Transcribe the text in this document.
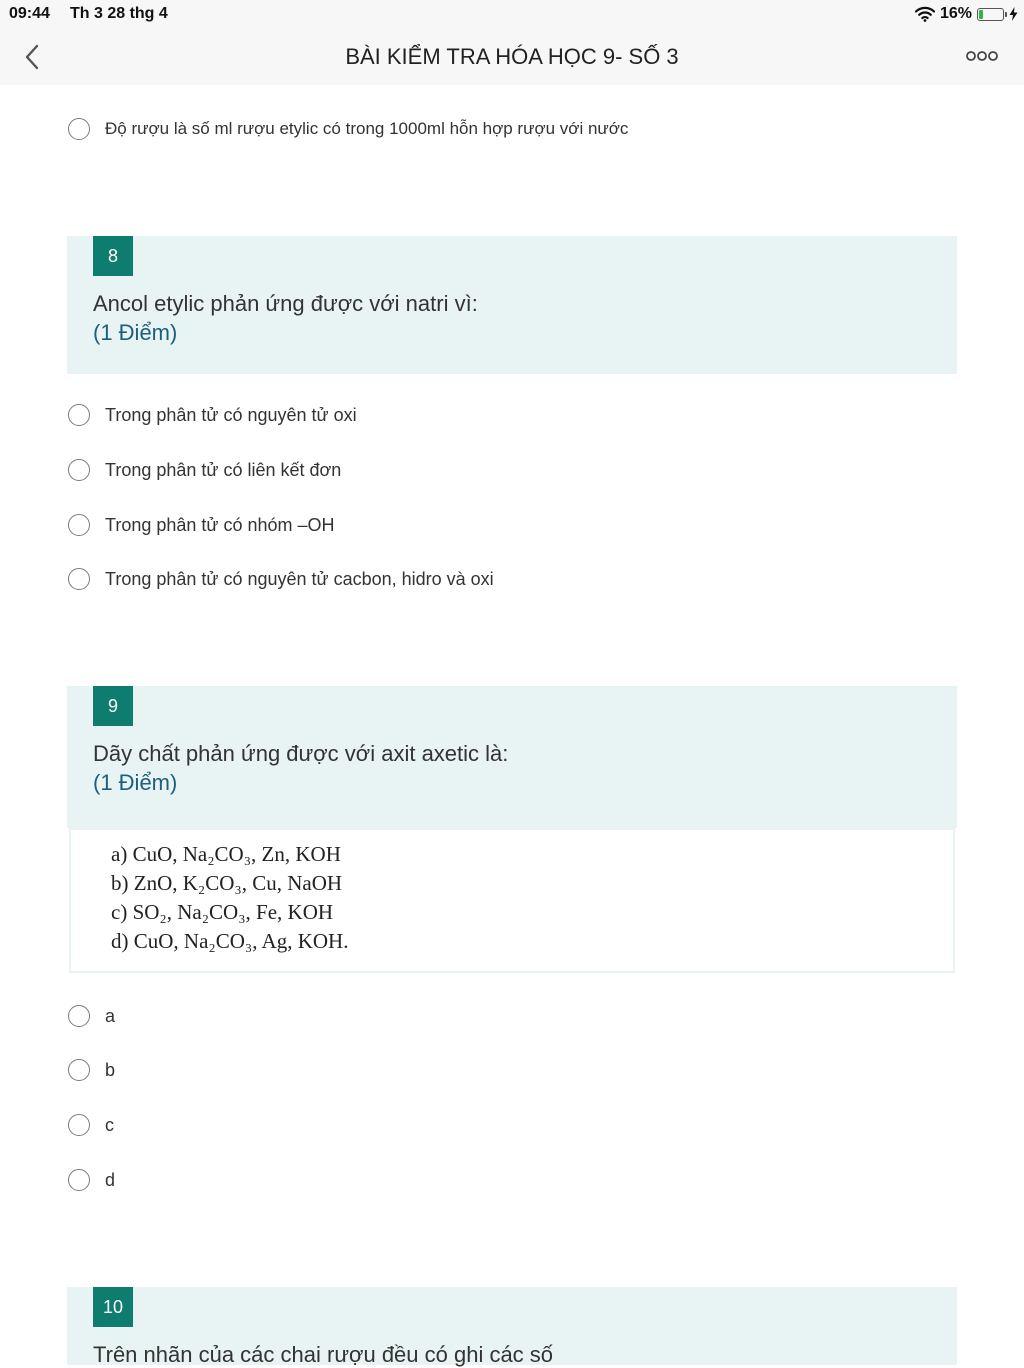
09:44 Th 3 28 thg 4	16%
BÀI KIỂM TRA HÓA HỌC 9- SỐ 3
Độ rượu là số ml rượu etylic có trong 1000ml hỗn hợp rượu với nước
8
Ancol etylic phản ứng được với natri vì:
(1 Điểm)
Trong phân tử có nguyên tử oxi
Trong phân tử có liên kết đơn
Trong phân tử có nhóm –OH
Trong phân tử có nguyên tử cacbon, hidro và oxi
9
Dãy chất phản ứng được với axit axetic là:
(1 Điểm)
a) CuO, Na₂CO₃, Zn, KOH
b) ZnO, K₂CO₃, Cu, NaOH
c) SO₂, Na₂CO₃, Fe, KOH
d) CuO, Na₂CO₃, Ag, KOH.
a
b
c
d
10
Trên nhãn của các chai rượu đều có ghi các số
